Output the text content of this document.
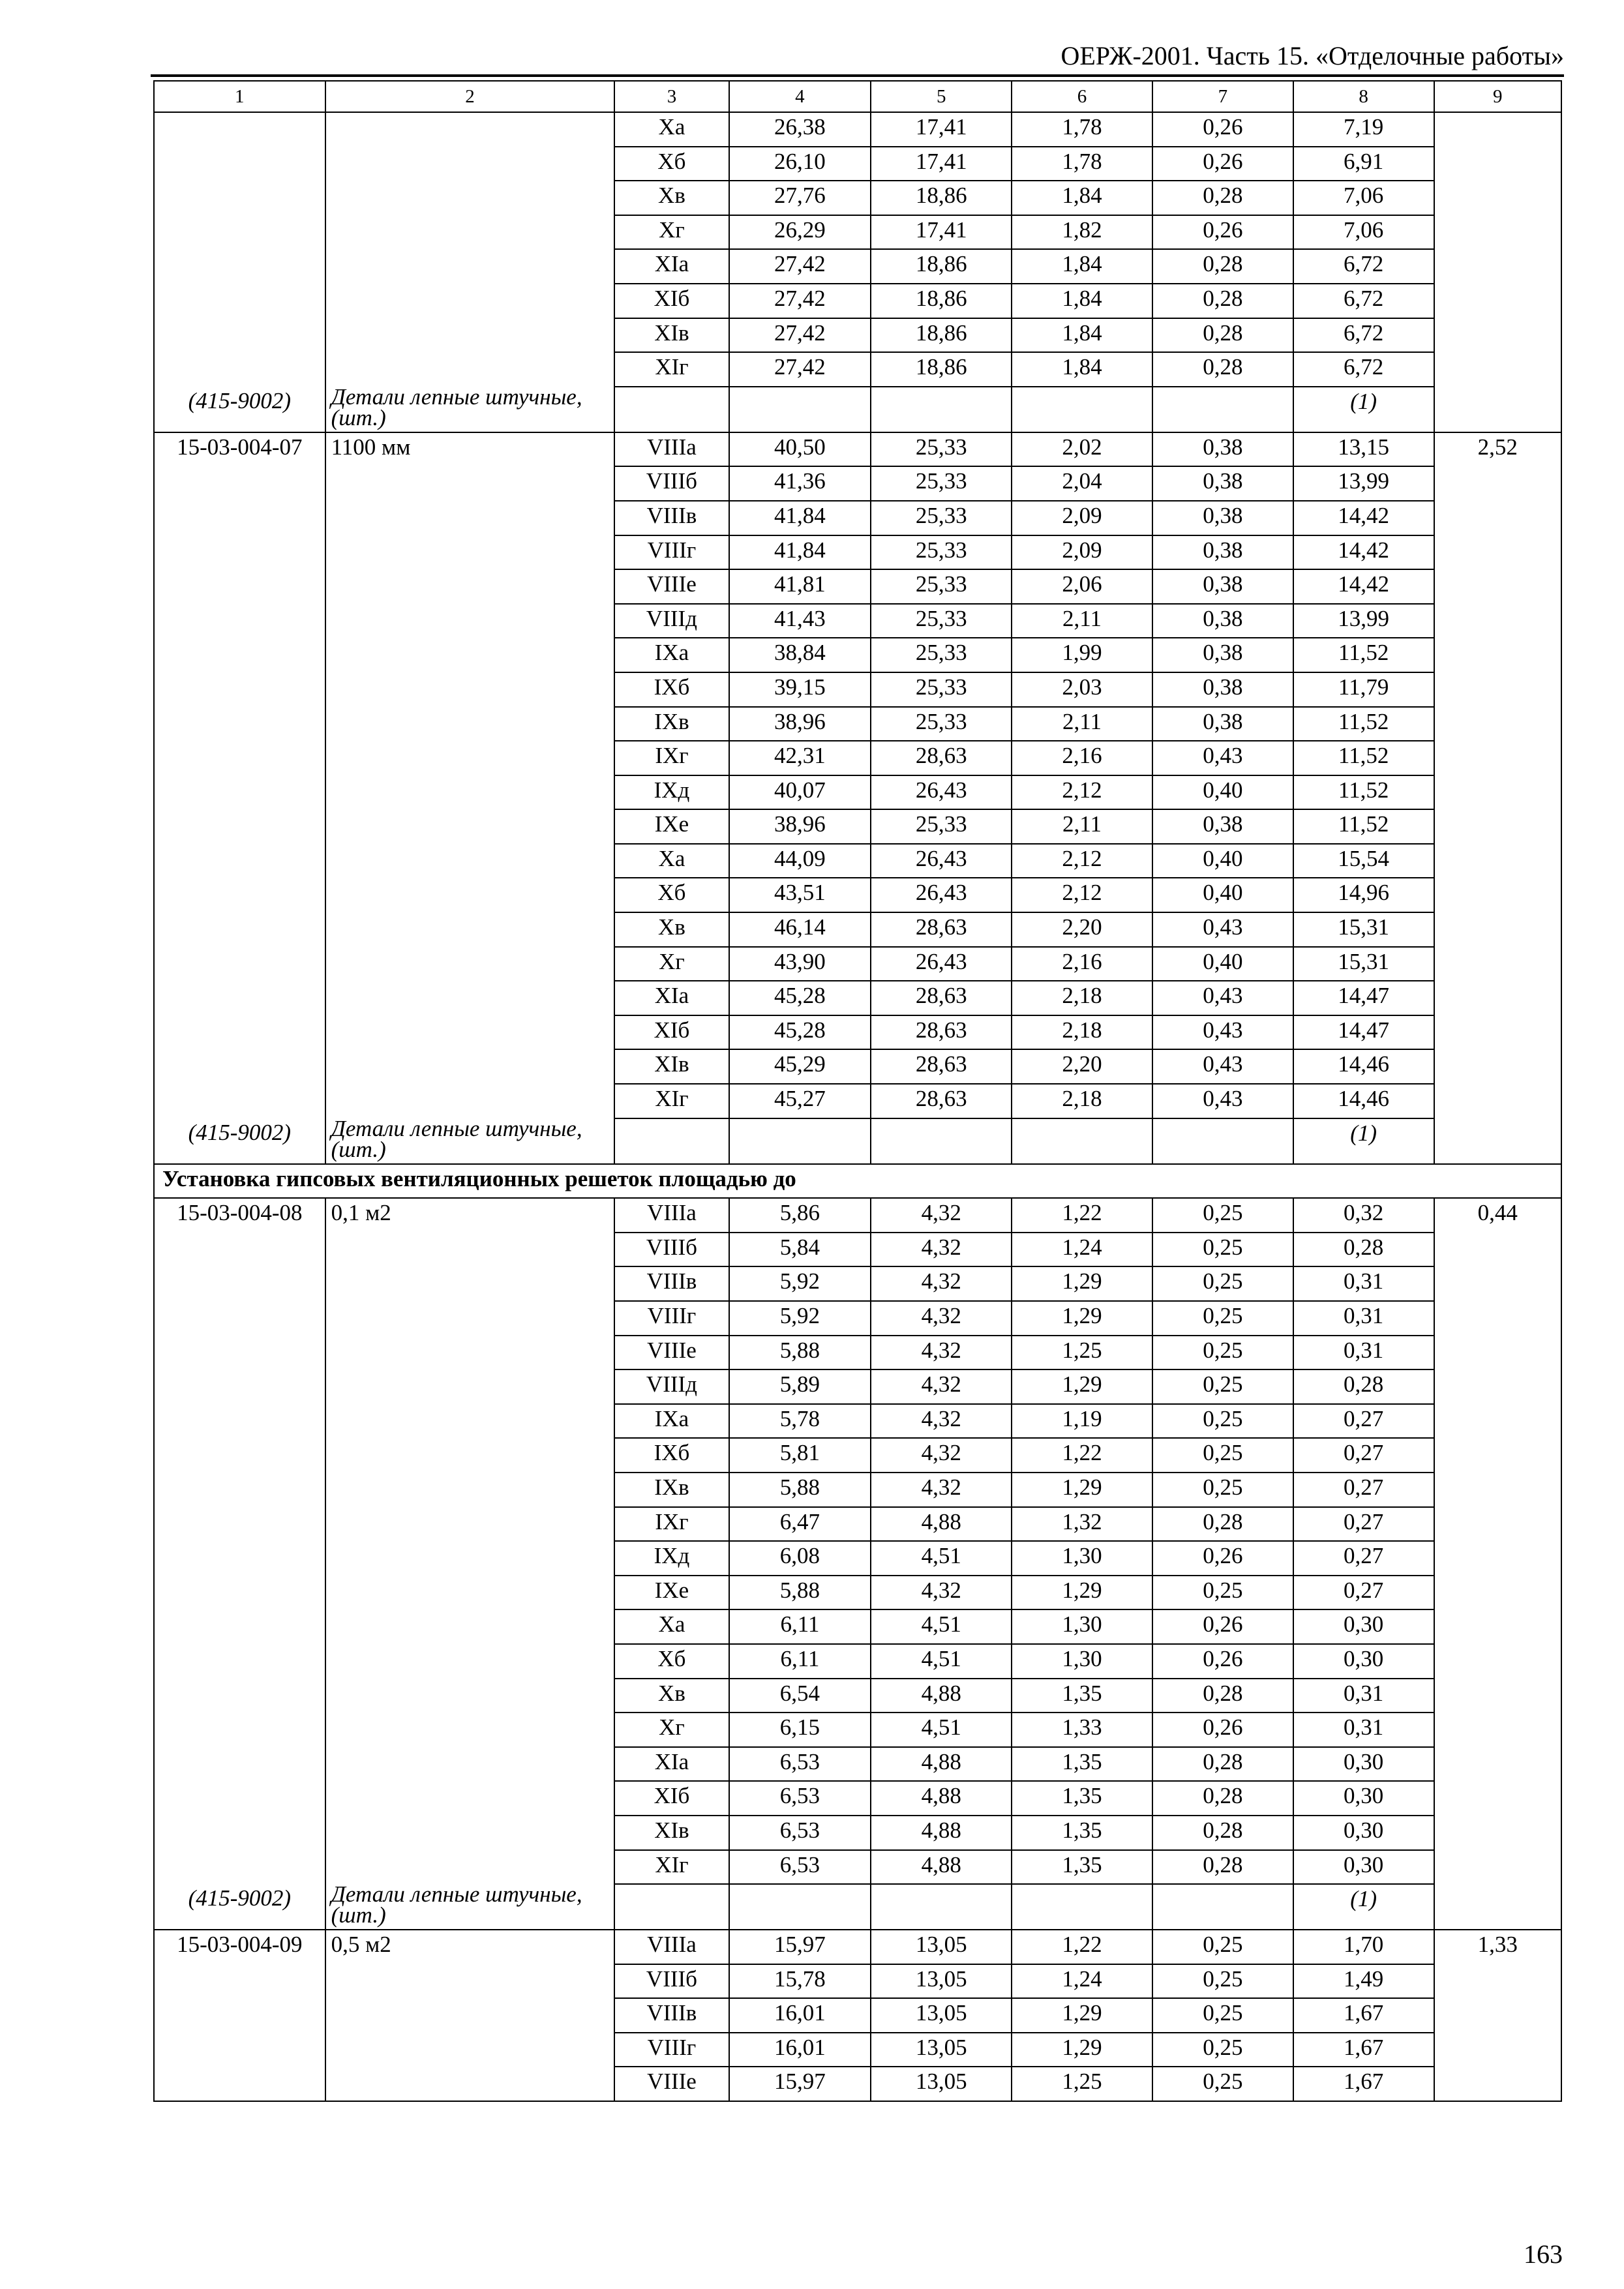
ОЕРЖ-2001. Часть 15. «Отделочные работы»
1	2	3	4	5	6	7	8	9
		Xа	26,38	17,41	1,78	0,26	7,19	
		Xб	26,10	17,41	1,78	0,26	6,91	
		Xв	27,76	18,86	1,84	0,28	7,06	
		Xг	26,29	17,41	1,82	0,26	7,06	
		XIа	27,42	18,86	1,84	0,28	6,72	
		XIб	27,42	18,86	1,84	0,28	6,72	
		XIв	27,42	18,86	1,84	0,28	6,72	
		XIг	27,42	18,86	1,84	0,28	6,72	
(415-9002)	Детали лепные штучные, (шт.)						(1)	
15-03-004-07	1100 мм	VIIIа	40,50	25,33	2,02	0,38	13,15	2,52
		VIIIб	41,36	25,33	2,04	0,38	13,99	
		VIIIв	41,84	25,33	2,09	0,38	14,42	
		VIIIг	41,84	25,33	2,09	0,38	14,42	
		VIIIе	41,81	25,33	2,06	0,38	14,42	
		VIIIд	41,43	25,33	2,11	0,38	13,99	
		IXа	38,84	25,33	1,99	0,38	11,52	
		IXб	39,15	25,33	2,03	0,38	11,79	
		IXв	38,96	25,33	2,11	0,38	11,52	
		IXг	42,31	28,63	2,16	0,43	11,52	
		IXд	40,07	26,43	2,12	0,40	11,52	
		IXе	38,96	25,33	2,11	0,38	11,52	
		Xа	44,09	26,43	2,12	0,40	15,54	
		Xб	43,51	26,43	2,12	0,40	14,96	
		Xв	46,14	28,63	2,20	0,43	15,31	
		Xг	43,90	26,43	2,16	0,40	15,31	
		XIа	45,28	28,63	2,18	0,43	14,47	
		XIб	45,28	28,63	2,18	0,43	14,47	
		XIв	45,29	28,63	2,20	0,43	14,46	
		XIг	45,27	28,63	2,18	0,43	14,46	
(415-9002)	Детали лепные штучные, (шт.)						(1)	
Установка гипсовых вентиляционных решеток площадью до								
15-03-004-08	0,1 м2	VIIIа	5,86	4,32	1,22	0,25	0,32	0,44
		VIIIб	5,84	4,32	1,24	0,25	0,28	
		VIIIв	5,92	4,32	1,29	0,25	0,31	
		VIIIг	5,92	4,32	1,29	0,25	0,31	
		VIIIе	5,88	4,32	1,25	0,25	0,31	
		VIIIд	5,89	4,32	1,29	0,25	0,28	
		IXа	5,78	4,32	1,19	0,25	0,27	
		IXб	5,81	4,32	1,22	0,25	0,27	
		IXв	5,88	4,32	1,29	0,25	0,27	
		IXг	6,47	4,88	1,32	0,28	0,27	
		IXд	6,08	4,51	1,30	0,26	0,27	
		IXе	5,88	4,32	1,29	0,25	0,27	
		Xа	6,11	4,51	1,30	0,26	0,30	
		Xб	6,11	4,51	1,30	0,26	0,30	
		Xв	6,54	4,88	1,35	0,28	0,31	
		Xг	6,15	4,51	1,33	0,26	0,31	
		XIа	6,53	4,88	1,35	0,28	0,30	
		XIб	6,53	4,88	1,35	0,28	0,30	
		XIв	6,53	4,88	1,35	0,28	0,30	
		XIг	6,53	4,88	1,35	0,28	0,30	
(415-9002)	Детали лепные штучные, (шт.)						(1)	
15-03-004-09	0,5 м2	VIIIа	15,97	13,05	1,22	0,25	1,70	1,33
		VIIIб	15,78	13,05	1,24	0,25	1,49	
		VIIIв	16,01	13,05	1,29	0,25	1,67	
		VIIIг	16,01	13,05	1,29	0,25	1,67	
		VIIIе	15,97	13,05	1,25	0,25	1,67	
163
